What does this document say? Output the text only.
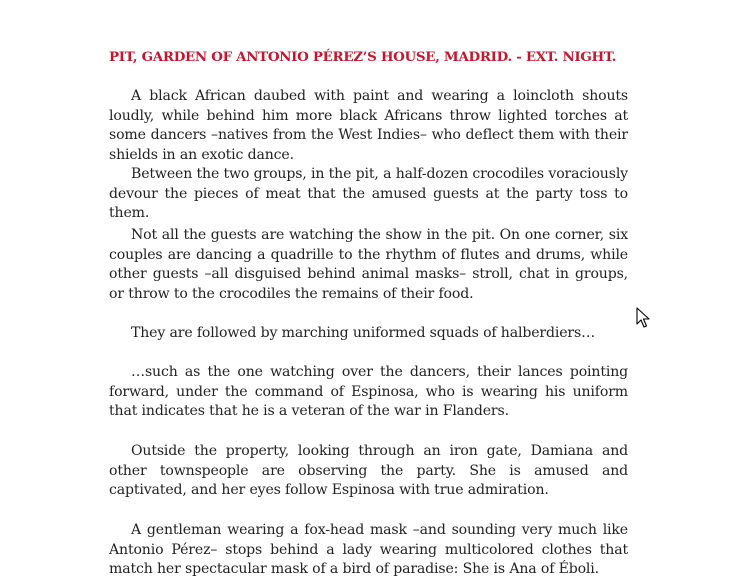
PIT, GARDEN OF ANTONIO PÉREZ’S HOUSE, MADRID. - EXT. NIGHT.

A black African daubed with paint and wearing a loincloth shouts loudly, while behind him more black Africans throw lighted torches at some dancers –natives from the West Indies– who deflect them with their shields in an exotic dance.

Between the two groups, in the pit, a half-dozen crocodiles voraciously devour the pieces of meat that the amused guests at the party toss to them.

Not all the guests are watching the show in the pit. On one corner, six couples are dancing a quadrille to the rhythm of flutes and drums, while other guests –all disguised behind animal masks– stroll, chat in groups, or throw to the crocodiles the remains of their food.

They are followed by marching uniformed squads of halberdiers…

…such as the one watching over the dancers, their lances pointing forward, under the command of Espinosa, who is wearing his uniform that indicates that he is a veteran of the war in Flanders.

Outside the property, looking through an iron gate, Damiana and other townspeople are observing the party. She is amused and captivated, and her eyes follow Espinosa with true admiration.

A gentleman wearing a fox-head mask –and sounding very much like Antonio Pérez– stops behind a lady wearing multicolored clothes that match her spectacular mask of a bird of paradise: She is Ana of Éboli.
